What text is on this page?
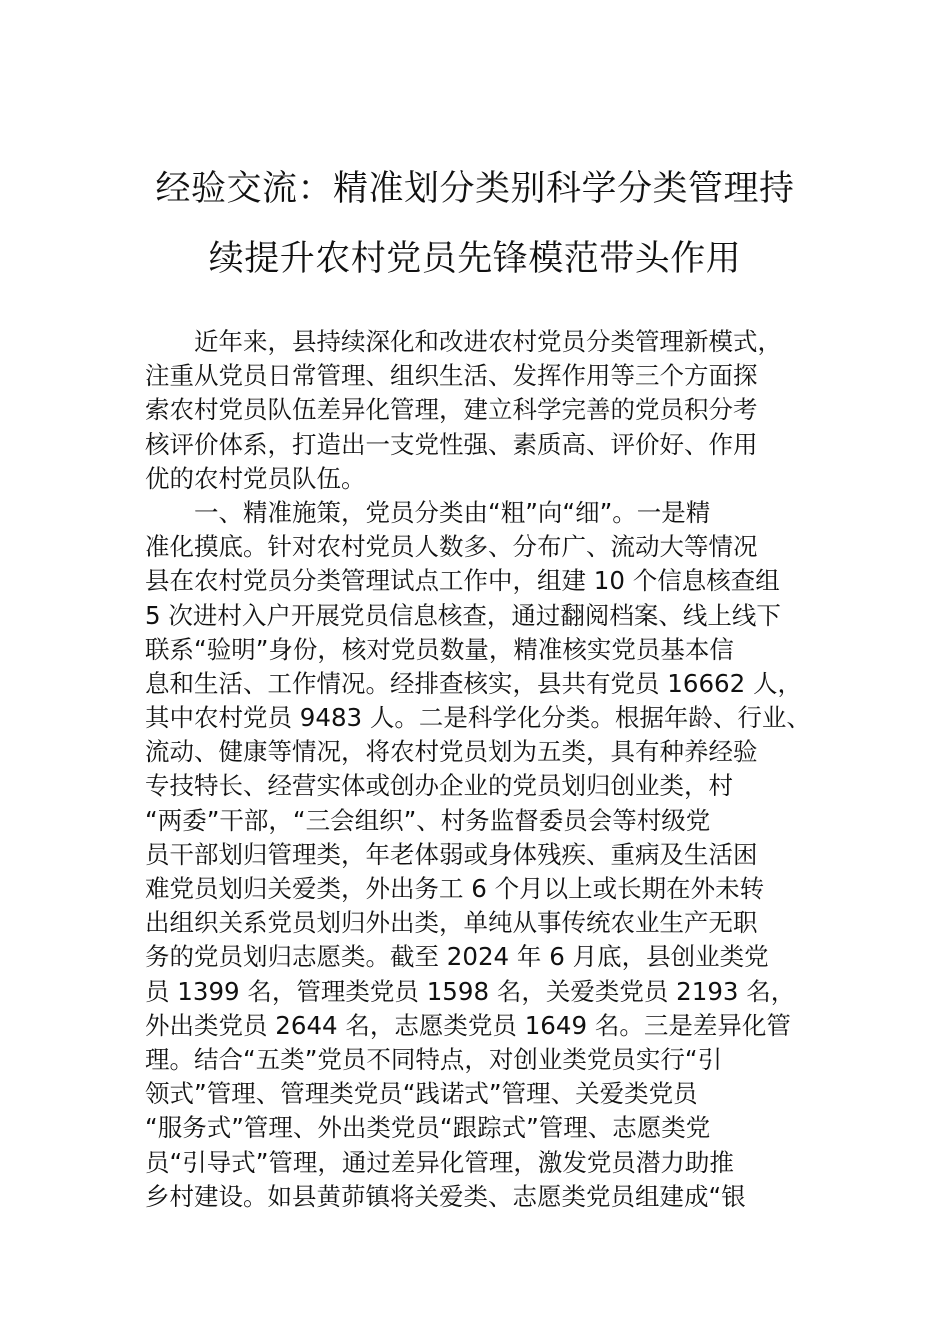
经验交流：精准划分类别科学分类管理持
续提升农村党员先锋模范带头作用
近年来，县持续深化和改进农村党员分类管理新模式，
注重从党员日常管理、组织生活、发挥作用等三个方面探
索农村党员队伍差异化管理，建立科学完善的党员积分考
核评价体系，打造出一支党性强、素质高、评价好、作用
优的农村党员队伍。
一、精准施策，党员分类由“粗”向“细”。一是精
准化摸底。针对农村党员人数多、分布广、流动大等情况
县在农村党员分类管理试点工作中，组建 10 个信息核查组
5 次进村入户开展党员信息核查，通过翻阅档案、线上线下
联系“验明”身份，核对党员数量，精准核实党员基本信
息和生活、工作情况。经排查核实，县共有党员 16662 人，
其中农村党员 9483 人。二是科学化分类。根据年龄、行业、
流动、健康等情况，将农村党员划为五类，具有种养经验
专技特长、经营实体或创办企业的党员划归创业类，村
“两委”干部，“三会组织”、村务监督委员会等村级党
员干部划归管理类，年老体弱或身体残疾、重病及生活困
难党员划归关爱类，外出务工 6 个月以上或长期在外未转
出组织关系党员划归外出类，单纯从事传统农业生产无职
务的党员划归志愿类。截至 2024 年 6 月底，县创业类党
员 1399 名，管理类党员 1598 名，关爱类党员 2193 名，
外出类党员 2644 名，志愿类党员 1649 名。三是差异化管
理。结合“五类”党员不同特点，对创业类党员实行“引
领式”管理、管理类党员“践诺式”管理、关爱类党员
“服务式”管理、外出类党员“跟踪式”管理、志愿类党
员“引导式”管理，通过差异化管理，激发党员潜力助推
乡村建设。如县黄茆镇将关爱类、志愿类党员组建成“银
